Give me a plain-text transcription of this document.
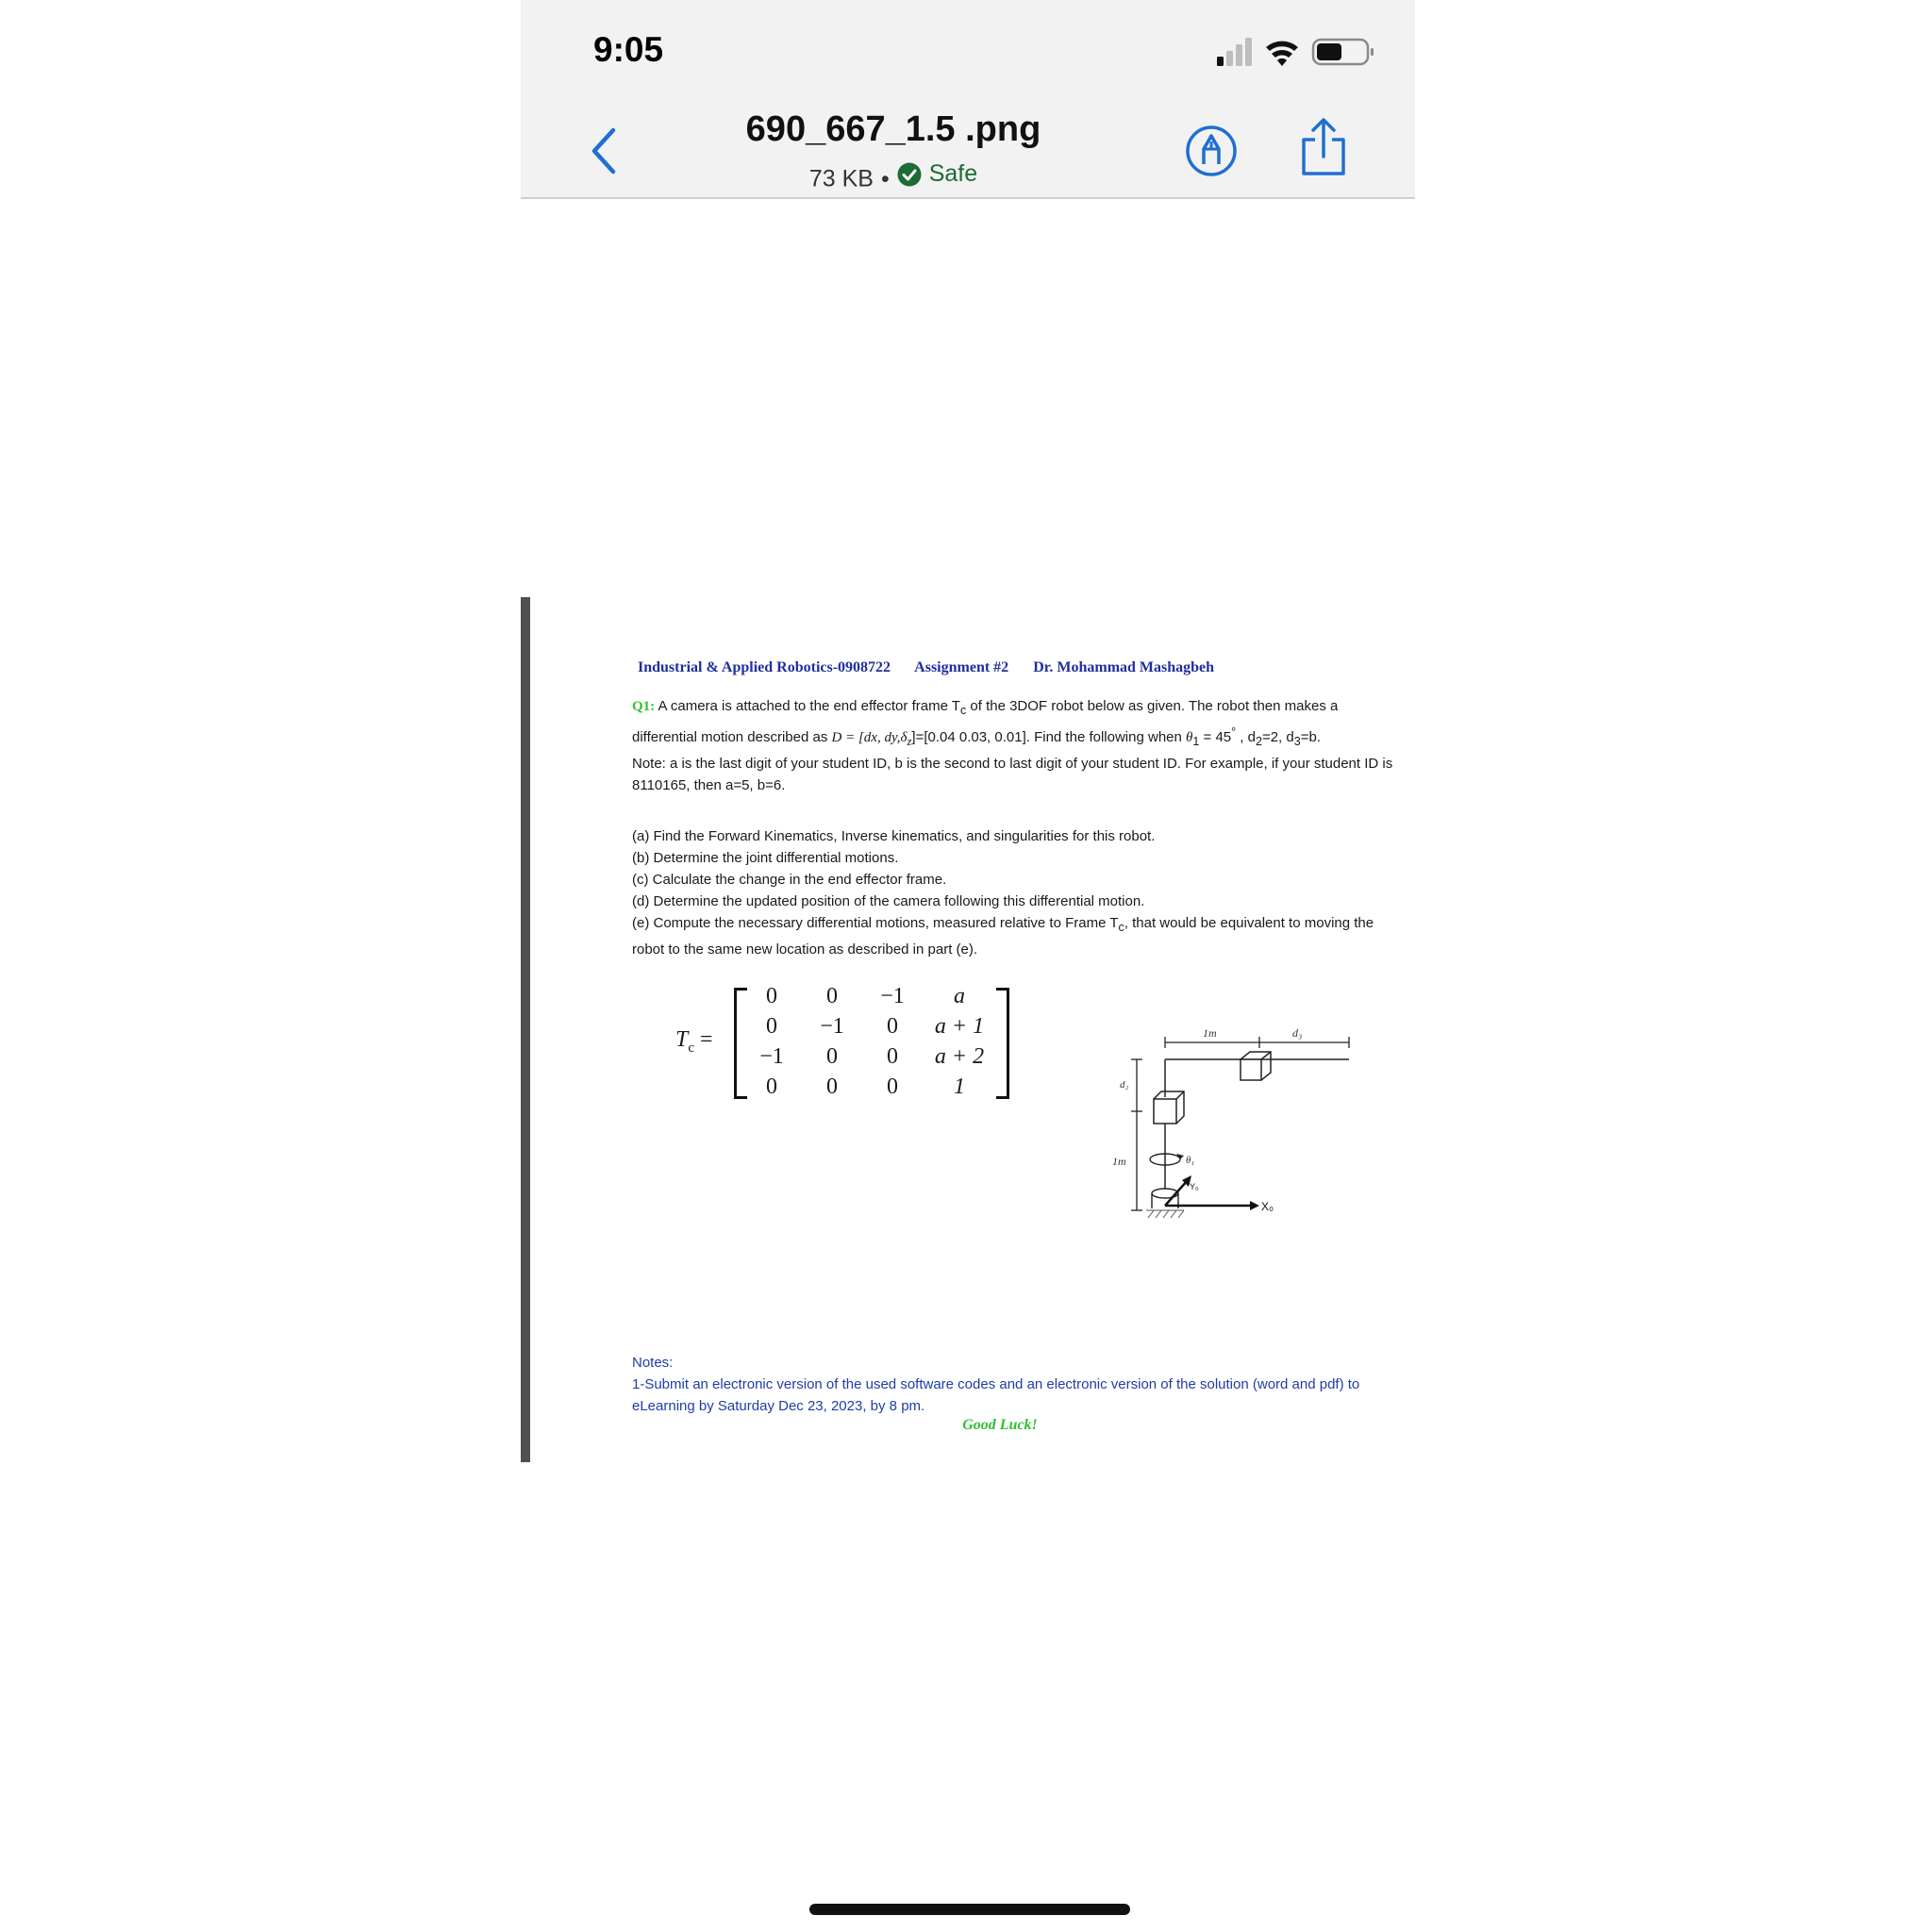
9:05
690_667_1.5 .png
73 KB • Safe
Industrial & Applied Robotics-0908722 Assignment #2 Dr. Mohammad Mashagbeh
Q1: A camera is attached to the end effector frame $T_c$ of the 3DOF robot below as given. The robot then makes a differential motion described as D = [dx, $dy,\delta_z]=[0.04$ 0.03, 0.01]. Find the following when $\theta_1 = 45^\circ$ , $d_2=2$, $d_3=b$.
Note: a is the last digit of your student ID, b is the second to last digit of your student ID. For example, if your student ID is 8110165, then a=5, b=6.
(a) Find the Forward Kinematics, Inverse kinematics, and singularities for this robot.
(b) Determine the joint differential motions.
(c) Calculate the change in the end effector frame.
(d) Determine the updated position of the camera following this differential motion.
(e) Compute the necessary differential motions, measured relative to Frame $T_c$, that would be equivalent to moving the robot to the same new location as described in part (e).
$T_c$ =
0	0	−1	a
0	−1	0	a + 1
−1	0	0	a + 2
0	0	0	1
1m	d₃
d₂
1m	θ₁
X₀
Y₀
Notes:
1-Submit an electronic version of the used software codes and an electronic version of the solution (word and pdf) to eLearning by Saturday Dec 23, 2023, by 8 pm.
Good Luck!
